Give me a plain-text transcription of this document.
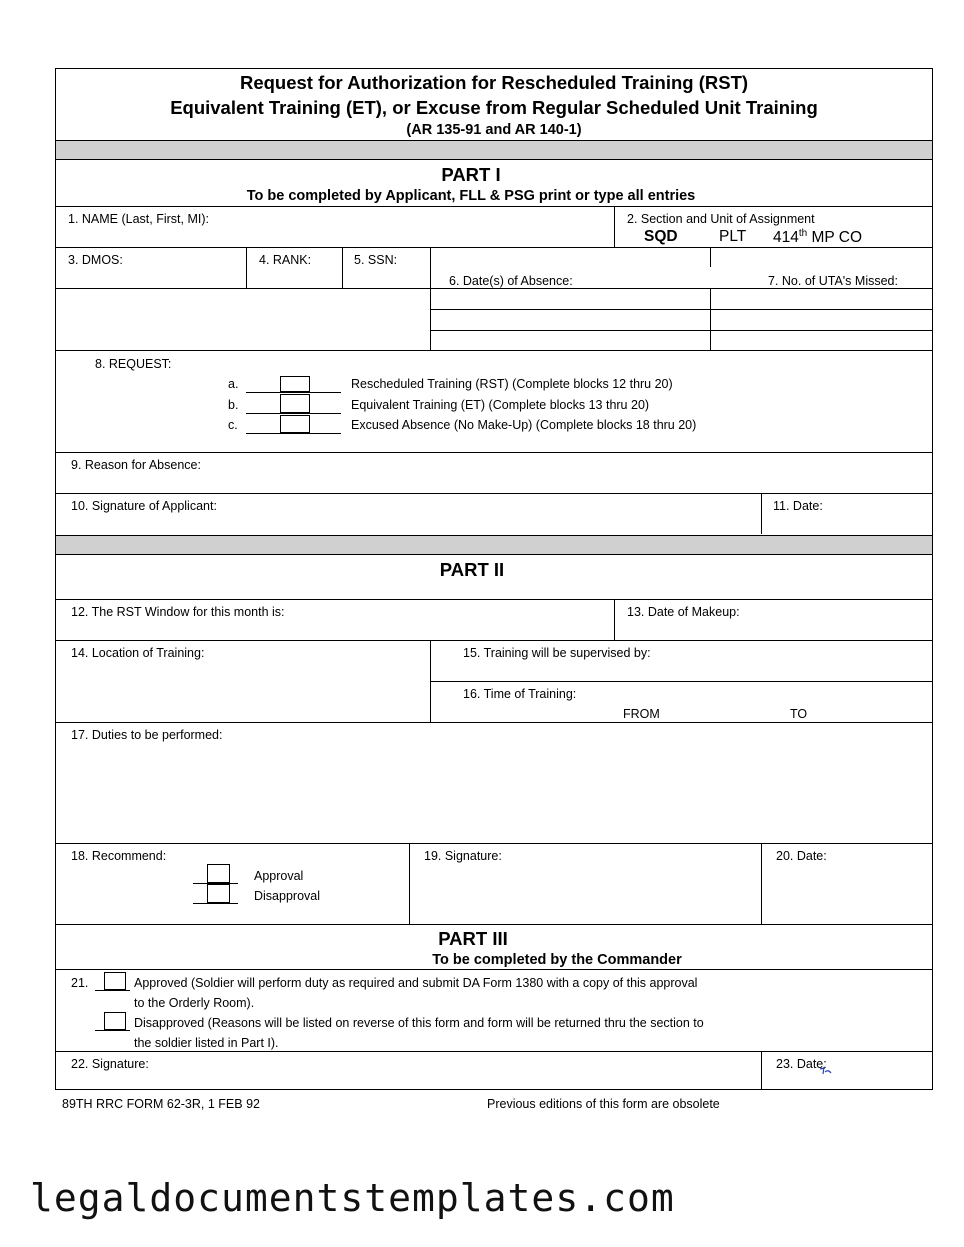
Request for Authorization for Rescheduled Training (RST)
Equivalent Training (ET), or Excuse from Regular Scheduled Unit Training
(AR 135-91 and AR 140-1)
PART I
To be completed by Applicant, FLL & PSG print or type all entries
1. NAME (Last, First, MI):	2. Section and Unit of Assignment
SQD	PLT 414th MP CO
3. DMOS:	4. RANK:	5. SSN:
6. Date(s) of Absence:	7. No. of UTA's Missed:
8. REQUEST:
a.	Rescheduled Training (RST) (Complete blocks 12 thru 20)
b.	Equivalent Training (ET) (Complete blocks 13 thru 20)
c.	Excused Absence (No Make-Up) (Complete blocks 18 thru 20)
9. Reason for Absence:
10. Signature of Applicant:	11. Date:
PART II
12. The RST Window for this month is:	13. Date of Makeup:
14. Location of Training:	15. Training will be supervised by:
16. Time of Training:
FROM	TO
17. Duties to be performed:
18. Recommend:
Approval
Disapproval
19. Signature:	20. Date:
PART III
To be completed by the Commander
21.	Approved (Soldier will perform duty as required and submit DA Form 1380 with a copy of this approval
to the Orderly Room).
Disapproved (Reasons will be listed on reverse of this form and form will be returned thru the section to
the soldier listed in Part I).
22. Signature:	23. Date:
89TH RRC FORM 62-3R, 1 FEB 92	Previous editions of this form are obsolete
legaldocumentstemplates.com
